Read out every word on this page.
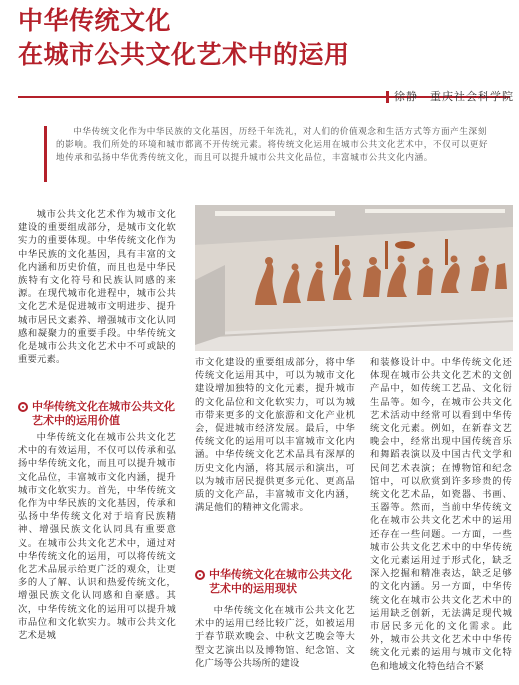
中华传统文化
在城市公共文化艺术中的运用
徐静　重庆社会科学院

中华传统文化作为中华民族的文化基因，历经千年洗礼，对人们的价值观念和生活方式等方面产生深刻的影响。我们所处的环境和城市都离不开传统元素。将传统文化运用在城市公共文化艺术中，不仅可以更好地传承和弘扬中华优秀传统文化，而且可以提升城市公共文化品位，丰富城市公共文化内涵。

城市公共文化艺术作为城市文化建设的重要组成部分，是城市文化软实力的重要体现。中华传统文化作为中华民族的文化基因，具有丰富的文化内涵和历史价值，而且也是中华民族特有文化符号和民族认同感的来源。在现代城市化进程中，城市公共文化艺术是促进城市文明进步、提升城市居民文素养、增强城市文化认同感和凝聚力的重要手段。中华传统文化是城市公共文化艺术中不可或缺的重要元素。

中华传统文化在城市公共文化艺术中的运用价值

中华传统文化在城市公共文化艺术中的有效运用，不仅可以传承和弘扬中华传统文化，而且可以提升城市文化品位，丰富城市文化内涵，提升城市文化软实力。首先，中华传统文化作为中华民族的文化基因，传承和弘扬中华传统文化对于培育民族精神、增强民族文化认同具有重要意义。在城市公共文化艺术中，通过对中华传统文化的运用，可以将传统文化艺术品展示给更广泛的观众，让更多的人了解、认识和热爱传统文化，增强民族文化认同感和自豪感。其次，中华传统文化的运用可以提升城市品位和文化软实力。城市公共文化艺术是城

市文化建设的重要组成部分，将中华传统文化运用其中，可以为城市文化建设增加独特的文化元素，提升城市的文化品位和文化软实力，可以为城市带来更多的文化旅游和文化产业机会，促进城市经济发展。最后，中华传统文化的运用可以丰富城市文化内涵。中华传统文化艺术品具有深厚的历史文化内涵，将其展示和演出，可以为城市居民提供更多元化、更高品质的文化产品，丰富城市文化内涵，满足他们的精神文化需求。

中华传统文化在城市公共文化艺术中的运用现状

中华传统文化在城市公共文化艺术中的运用已经比较广泛，如被运用于春节联欢晚会、中秋文艺晚会等大型文艺演出以及博物馆、纪念馆、文化广场等公共场所的建设

和装修设计中。中华传统文化还体现在城市公共文化艺术的文创产品中，如传统工艺品、文化衍生品等。如今，在城市公共文化艺术活动中经常可以看到中华传统文化元素。例如，在新春文艺晚会中，经常出现中国传统音乐和舞蹈表演以及中国古代文学和民间艺术表演；在博物馆和纪念馆中，可以欣赏到许多珍贵的传统文化艺术品，如瓷器、书画、玉器等。然而，当前中华传统文化在城市公共文化艺术中的运用还存在一些问题。一方面，一些城市公共文化艺术中的中华传统文化元素运用过于形式化，缺乏深入挖掘和精准表达，缺乏足够的文化内涵。另一方面，中华传统文化在城市公共文化艺术中的运用缺乏创新，无法满足现代城市居民多元化的文化需求。此外，城市公共文化艺术中中华传统文化元素的运用与城市文化特色和地域文化特色结合不紧
